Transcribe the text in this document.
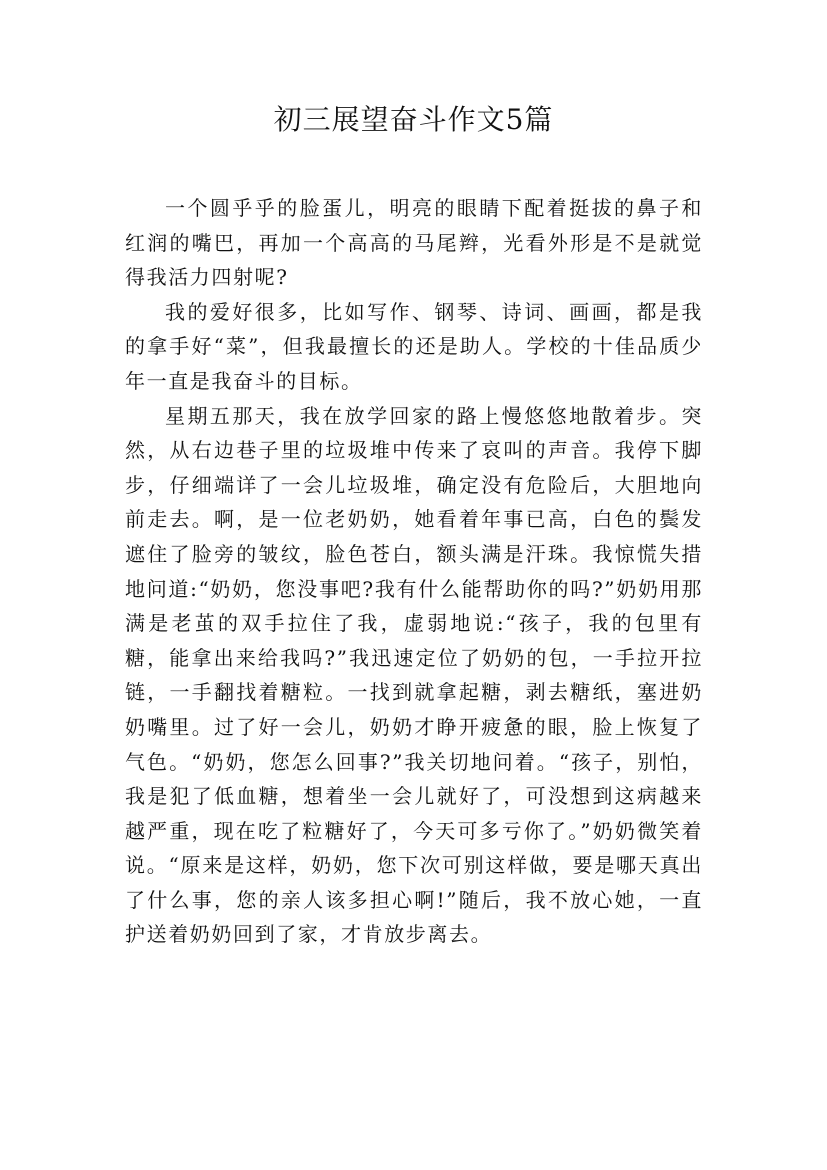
初三展望奋斗作文5篇

一个圆乎乎的脸蛋儿，明亮的眼睛下配着挺拔的鼻子和红润的嘴巴，再加一个高高的马尾辫，光看外形是不是就觉得我活力四射呢?

我的爱好很多，比如写作、钢琴、诗词、画画，都是我的拿手好“菜”，但我最擅长的还是助人。学校的十佳品质少年一直是我奋斗的目标。

星期五那天，我在放学回家的路上慢悠悠地散着步。突然，从右边巷子里的垃圾堆中传来了哀叫的声音。我停下脚步，仔细端详了一会儿垃圾堆，确定没有危险后，大胆地向前走去。啊，是一位老奶奶，她看着年事已高，白色的鬓发遮住了脸旁的皱纹，脸色苍白，额头满是汗珠。我惊慌失措地问道:“奶奶，您没事吧?我有什么能帮助你的吗?”奶奶用那满是老茧的双手拉住了我，虚弱地说:“孩子，我的包里有糖，能拿出来给我吗?”我迅速定位了奶奶的包，一手拉开拉链，一手翻找着糖粒。一找到就拿起糖，剥去糖纸，塞进奶奶嘴里。过了好一会儿，奶奶才睁开疲惫的眼，脸上恢复了气色。“奶奶，您怎么回事?”我关切地问着。“孩子，别怕，我是犯了低血糖，想着坐一会儿就好了，可没想到这病越来越严重，现在吃了粒糖好了，今天可多亏你了。”奶奶微笑着说。“原来是这样，奶奶，您下次可别这样做，要是哪天真出了什么事，您的亲人该多担心啊!”随后，我不放心她，一直护送着奶奶回到了家，才肯放步离去。
